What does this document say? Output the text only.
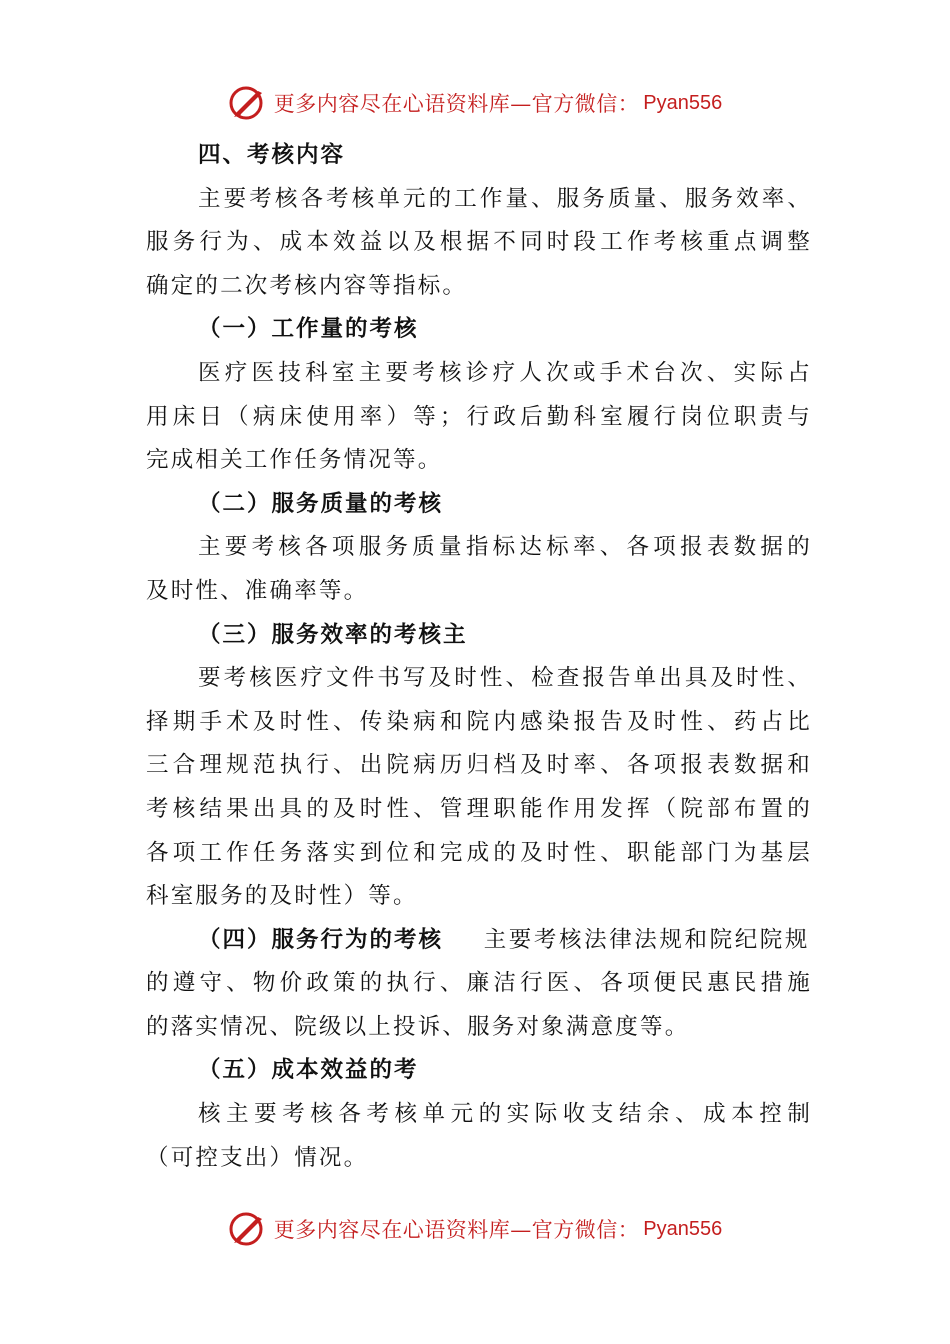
更多内容尽在心语资料库—官方微信： Pyan556
四、考核内容
主 要 考 核 各 考 核 单 元 的 工 作 量 、 服 务 质 量 、 服 务 效 率 、
服 务 行 为 、 成 本 效 益 以 及 根 据 不 同 时 段 工 作 考 核 重 点 调 整
确定的二次考核内容等指标。
（一）工作量的考核
医 疗 医 技 科 室 主 要 考 核 诊 疗 人 次 或 手 术 台 次 、 实 际 占
用 床 日 （ 病 床 使 用 率 ） 等 ； 行 政 后 勤 科 室 履 行 岗 位 职 责 与
完成相关工作任务情况等。
（二）服务质量的考核
主 要 考 核 各 项 服 务 质 量 指 标 达 标 率 、 各 项 报 表 数 据 的
及时性、准确率等。
（三）服务效率的考核主
要 考 核 医 疗 文 件 书 写 及 时 性 、 检 查 报 告 单 出 具 及 时 性 、
择 期 手 术 及 时 性 、 传 染 病 和 院 内 感 染 报 告 及 时 性 、 药 占 比
三 合 理 规 范 执 行 、 出 院 病 历 归 档 及 时 率 、 各 项 报 表 数 据 和
考 核 结 果 出 具 的 及 时 性 、 管 理 职 能 作 用 发 挥 （ 院 部 布 置 的
各 项 工 作 任 务 落 实 到 位 和 完 成 的 及 时 性 、 职 能 部 门 为 基 层
科室服务的及时性）等。
（四）服务行为的考核 主要考核法律法规和院纪院规
的 遵 守 、 物 价 政 策 的 执 行 、 廉 洁 行 医 、 各 项 便 民 惠 民 措 施
的落实情况、院级以上投诉、服务对象满意度等。
（五）成本效益的考
核 主 要 考 核 各 考 核 单 元 的 实 际 收 支 结 余 、 成 本 控 制
（可控支出）情况。
更多内容尽在心语资料库—官方微信： Pyan556
